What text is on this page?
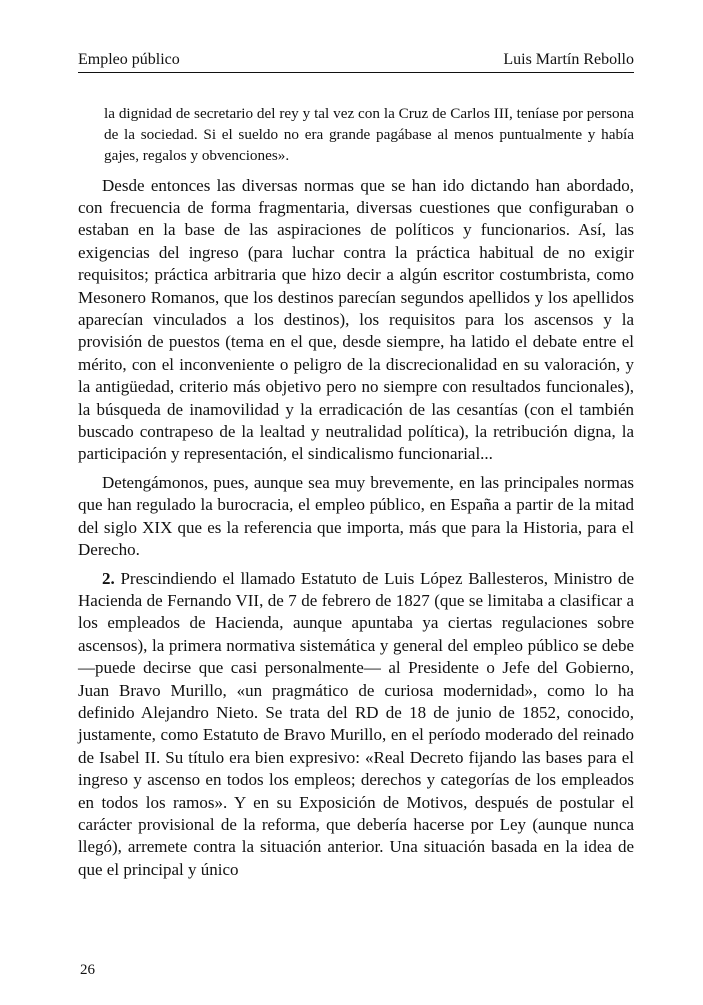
Empleo público	Luis Martín Rebollo

la dignidad de secretario del rey y tal vez con la Cruz de Carlos III, teníase por persona de la sociedad. Si el sueldo no era grande pagábase al menos puntualmente y había gajes, regalos y obvenciones».

Desde entonces las diversas normas que se han ido dictando han abordado, con frecuencia de forma fragmentaria, diversas cuestiones que configuraban o estaban en la base de las aspiraciones de políticos y funcionarios. Así, las exigencias del ingreso (para luchar contra la práctica habitual de no exigir requisitos; práctica arbitraria que hizo decir a algún escritor costumbrista, como Mesonero Romanos, que los destinos parecían segundos apellidos y los apellidos aparecían vinculados a los destinos), los requisitos para los ascensos y la provisión de puestos (tema en el que, desde siempre, ha latido el debate entre el mérito, con el inconveniente o peligro de la discrecionalidad en su valoración, y la antigüedad, criterio más objetivo pero no siempre con resultados funcionales), la búsqueda de inamovilidad y la erradicación de las cesantías (con el también buscado contrapeso de la lealtad y neutralidad política), la retribución digna, la participación y representación, el sindicalismo funcionarial...

Detengámonos, pues, aunque sea muy brevemente, en las principales normas que han regulado la burocracia, el empleo público, en España a partir de la mitad del siglo XIX que es la referencia que importa, más que para la Historia, para el Derecho.

2. Prescindiendo el llamado Estatuto de Luis López Ballesteros, Ministro de Hacienda de Fernando VII, de 7 de febrero de 1827 (que se limitaba a clasificar a los empleados de Hacienda, aunque apuntaba ya ciertas regulaciones sobre ascensos), la primera normativa sistemática y general del empleo público se debe —puede decirse que casi personalmente— al Presidente o Jefe del Gobierno, Juan Bravo Murillo, «un pragmático de curiosa modernidad», como lo ha definido Alejandro Nieto. Se trata del RD de 18 de junio de 1852, conocido, justamente, como Estatuto de Bravo Murillo, en el período moderado del reinado de Isabel II. Su título era bien expresivo: «Real Decreto fijando las bases para el ingreso y ascenso en todos los empleos; derechos y categorías de los empleados en todos los ramos». Y en su Exposición de Motivos, después de postular el carácter provisional de la reforma, que debería hacerse por Ley (aunque nunca llegó), arremete contra la situación anterior. Una situación basada en la idea de que el principal y único

26
